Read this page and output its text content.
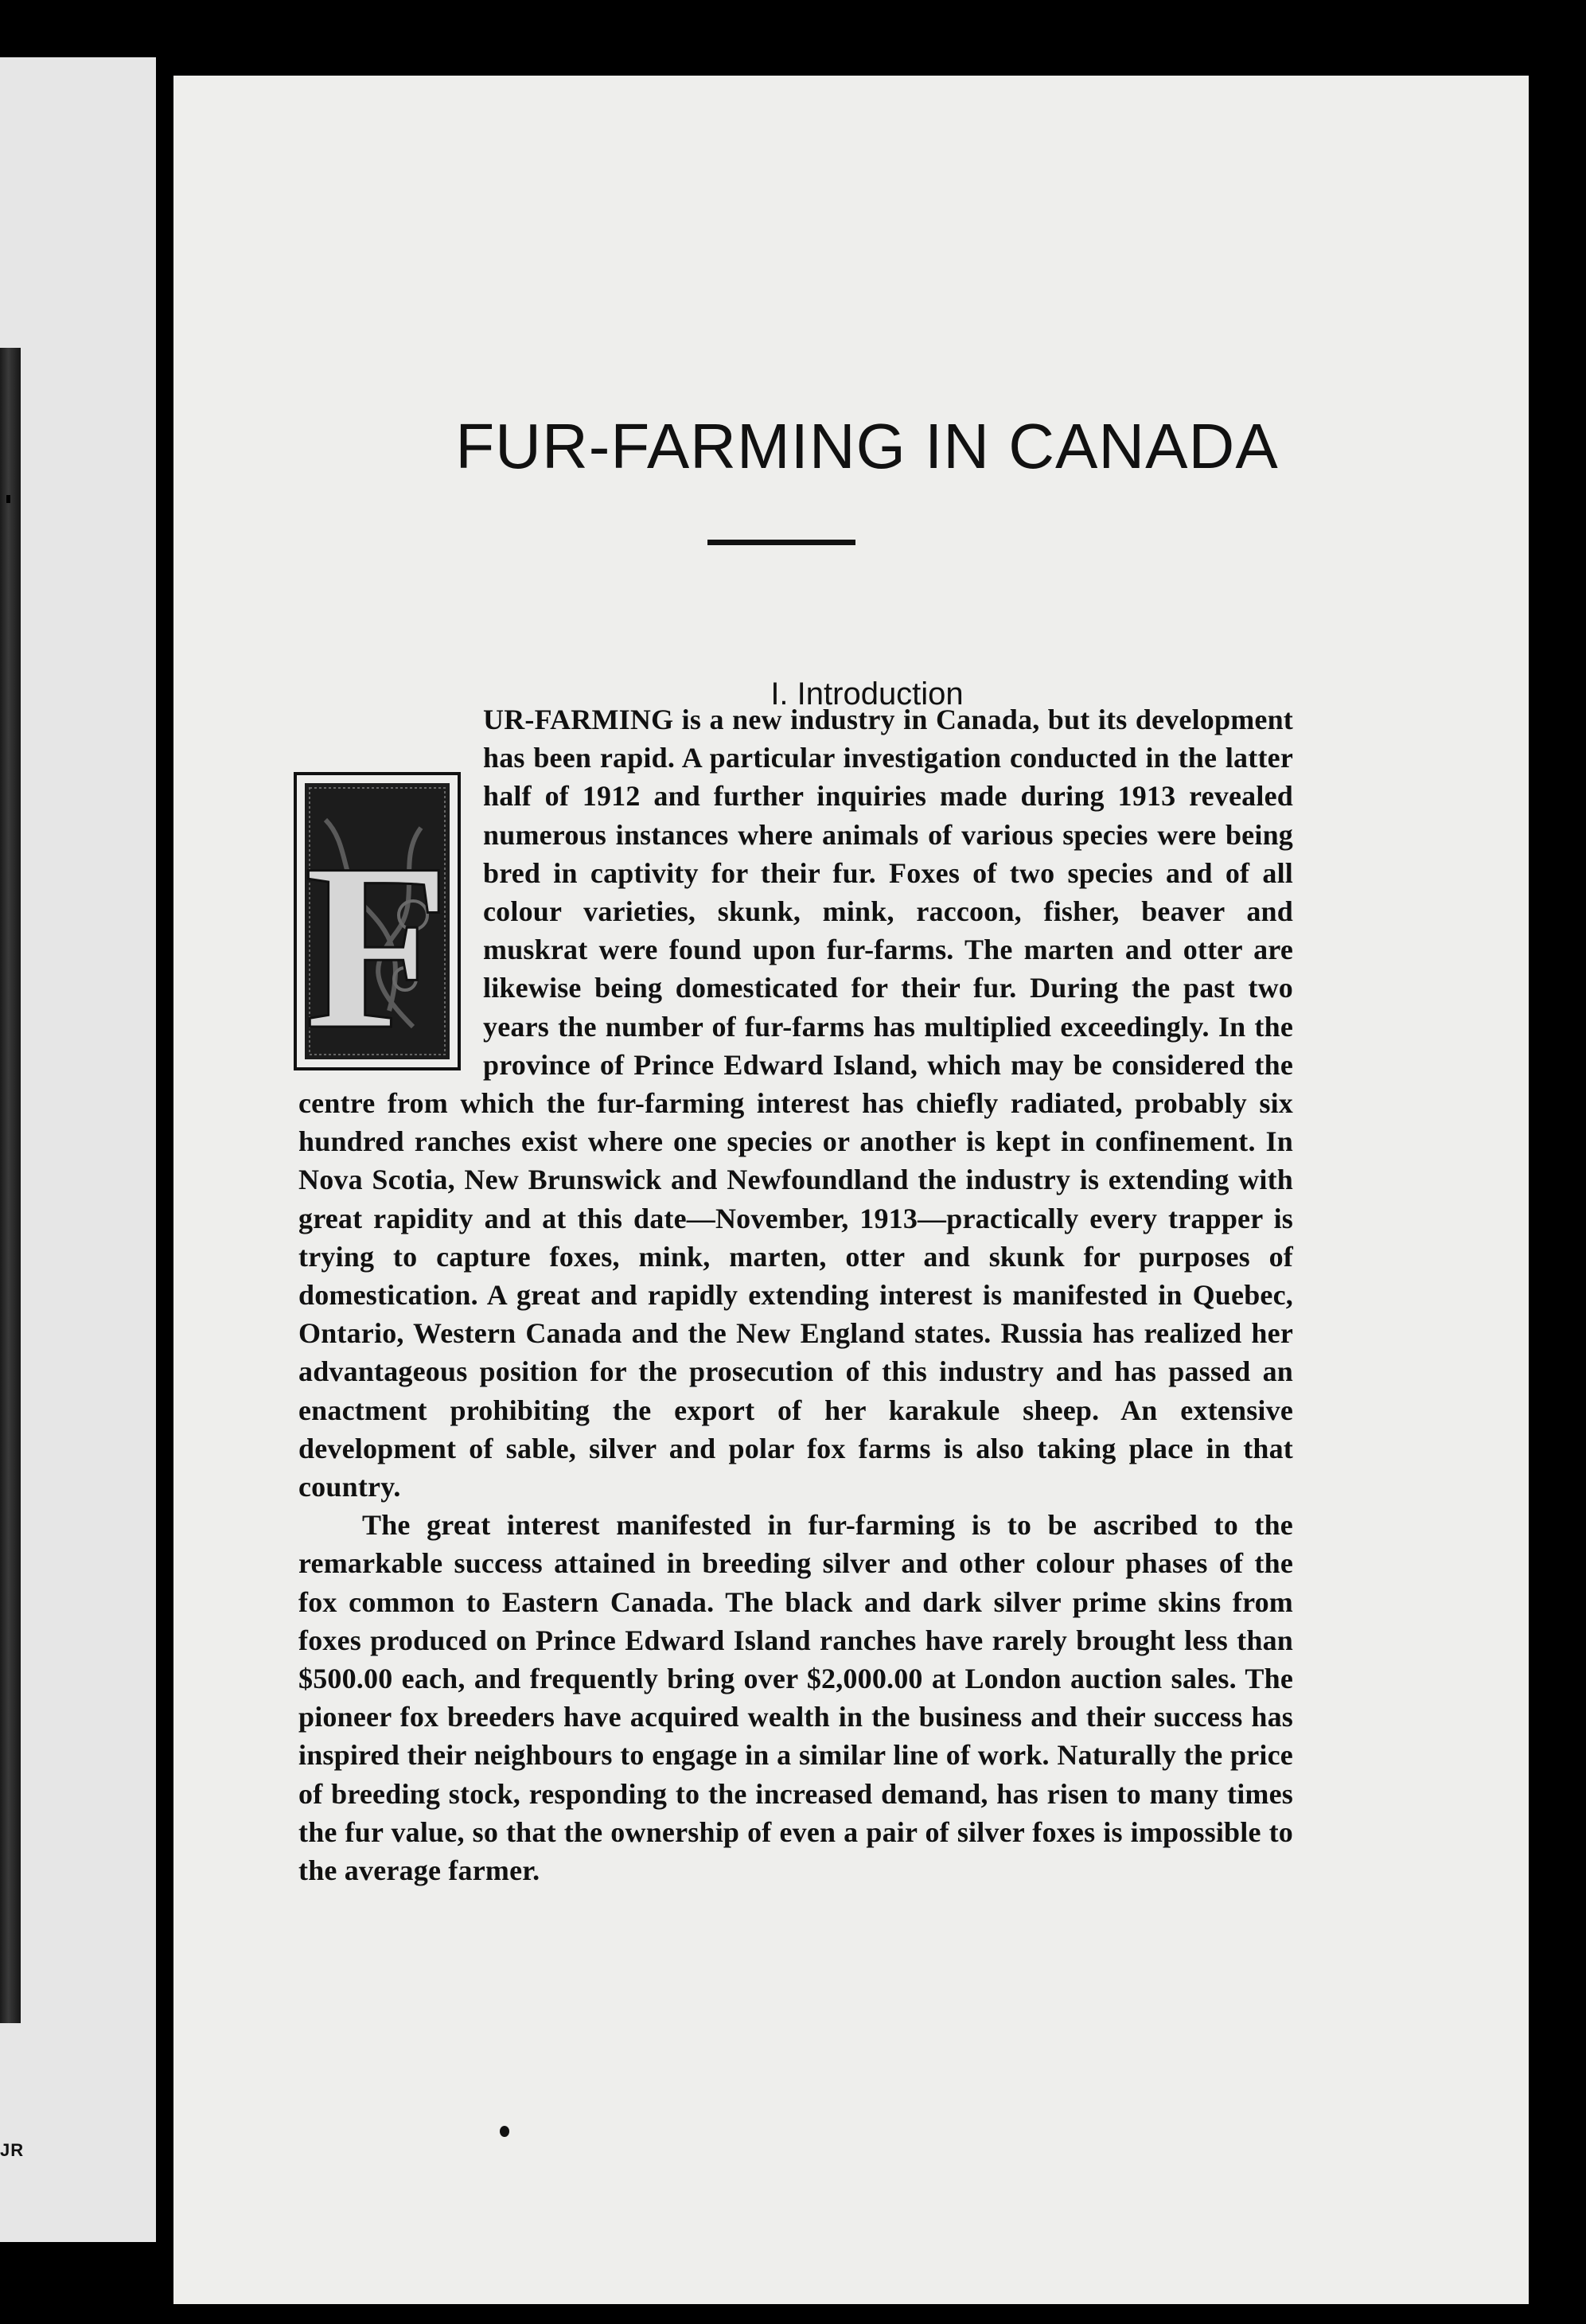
JR
FUR-FARMING IN CANADA
I. Introduction
F

UR-FARMING is a new industry in Canada, but its development has been rapid. A particular investigation conducted in the latter half of 1912 and further inquiries made during 1913 revealed numerous instances where animals of various species were being bred in captivity for their fur. Foxes of two species and of all colour varieties, skunk, mink, raccoon, fisher, beaver and muskrat were found upon fur-farms. The marten and otter are likewise being domesticated for their fur. During the past two years the number of fur-farms has multiplied exceedingly. In the province of Prince Edward Island, which may be considered the centre from which the fur-farming interest has chiefly radiated, probably six hundred ranches exist where one species or another is kept in confinement. In Nova Scotia, New Brunswick and Newfoundland the industry is extending with great rapidity and at this date—November, 1913—practically every trapper is trying to capture foxes, mink, marten, otter and skunk for purposes of domestication. A great and rapidly extending interest is manifested in Quebec, Ontario, Western Canada and the New England states. Russia has realized her advantageous position for the prosecution of this industry and has passed an enactment prohibiting the export of her karakule sheep. An extensive development of sable, silver and polar fox farms is also taking place in that country.

The great interest manifested in fur-farming is to be ascribed to the remarkable success attained in breeding silver and other colour phases of the fox common to Eastern Canada. The black and dark silver prime skins from foxes produced on Prince Edward Island ranches have rarely brought less than $500.00 each, and frequently bring over $2,000.00 at London auction sales. The pioneer fox breeders have acquired wealth in the business and their success has inspired their neighbours to engage in a similar line of work. Naturally the price of breeding stock, responding to the increased demand, has risen to many times the fur value, so that the ownership of even a pair of silver foxes is impossible to the average farmer.
